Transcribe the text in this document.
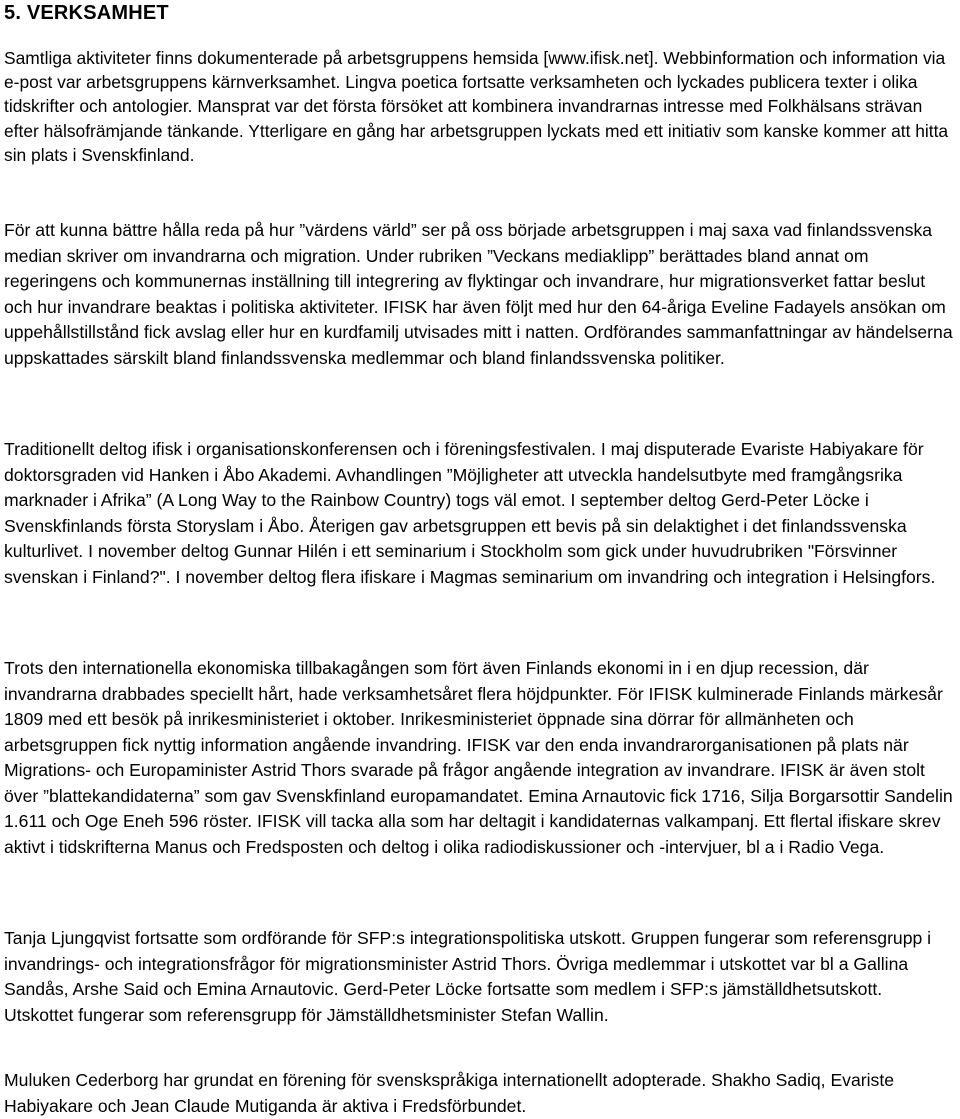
5. VERKSAMHET

Samtliga aktiviteter finns dokumenterade på arbetsgruppens hemsida [www.ifisk.net]. Webbinformation och information via e-post var arbetsgruppens kärnverksamhet. Lingva poetica fortsatte verksamheten och lyckades publicera texter i olika tidskrifter och antologier. Mansprat var det första försöket att kombinera invandrarnas intresse med Folkhälsans strävan efter hälsofrämjande tänkande. Ytterligare en gång har arbetsgruppen lyckats med ett initiativ som kanske kommer att hitta sin plats i Svenskfinland.

För att kunna bättre hålla reda på hur ”värdens värld” ser på oss började arbetsgruppen i maj saxa vad finlandssvenska median skriver om invandrarna och migration. Under rubriken ”Veckans mediaklipp” berättades bland annat om regeringens och kommunernas inställning till integrering av flyktingar och invandrare, hur migrationsverket fattar beslut och hur invandrare beaktas i politiska aktiviteter. IFISK har även följt med hur den 64-åriga Eveline Fadayels ansökan om uppehållstillstånd fick avslag eller hur en kurdfamilj utvisades mitt i natten. Ordförandes sammanfattningar av händelserna uppskattades särskilt bland finlandssvenska medlemmar och bland finlandssvenska politiker.

Traditionellt deltog ifisk i organisationskonferensen och i föreningsfestivalen. I maj disputerade Evariste Habiyakare för doktorsgraden vid Hanken i Åbo Akademi. Avhandlingen ”Möjligheter att utveckla handelsutbyte med framgångsrika marknader i Afrika” (A Long Way to the Rainbow Country) togs väl emot. I september deltog Gerd-Peter Löcke i Svenskfinlands första Storyslam i Åbo. Återigen gav arbetsgruppen ett bevis på sin delaktighet i det finlandssvenska kulturlivet. I november deltog Gunnar Hilén i ett seminarium i Stockholm som gick under huvudrubriken "Försvinner svenskan i Finland?". I november deltog flera ifiskare i Magmas seminarium om invandring och integration i Helsingfors.

Trots den internationella ekonomiska tillbakagången som fört även Finlands ekonomi in i en djup recession, där invandrarna drabbades speciellt hårt, hade verksamhetsåret flera höjdpunkter. För IFISK kulminerade Finlands märkesår 1809 med ett besök på inrikesministeriet i oktober. Inrikesministeriet öppnade sina dörrar för allmänheten och arbetsgruppen fick nyttig information angående invandring. IFISK var den enda invandrarorganisationen på plats när Migrations- och Europaminister Astrid Thors svarade på frågor angående integration av invandrare. IFISK är även stolt över ”blattekandidaterna” som gav Svenskfinland europamandatet. Emina Arnautovic fick 1716, Silja Borgarsottir Sandelin 1.611 och Oge Eneh 596 röster. IFISK vill tacka alla som har deltagit i kandidaternas valkampanj. Ett flertal ifiskare skrev aktivt i tidskrifterna Manus och Fredsposten och deltog i olika radiodiskussioner och -intervjuer, bl a i Radio Vega.

Tanja Ljungqvist fortsatte som ordförande för SFP:s integrationspolitiska utskott. Gruppen fungerar som referensgrupp i invandrings- och integrationsfrågor för migrationsminister Astrid Thors. Övriga medlemmar i utskottet var bl a Gallina Sandås, Arshe Said och Emina Arnautovic. Gerd-Peter Löcke fortsatte som medlem i SFP:s jämställdhetsutskott. Utskottet fungerar som referensgrupp för Jämställdhetsminister Stefan Wallin.

Muluken Cederborg har grundat en förening för svenskspråkiga internationellt adopterade. Shakho Sadiq, Evariste Habiyakare och Jean Claude Mutiganda är aktiva i Fredsförbundet.
